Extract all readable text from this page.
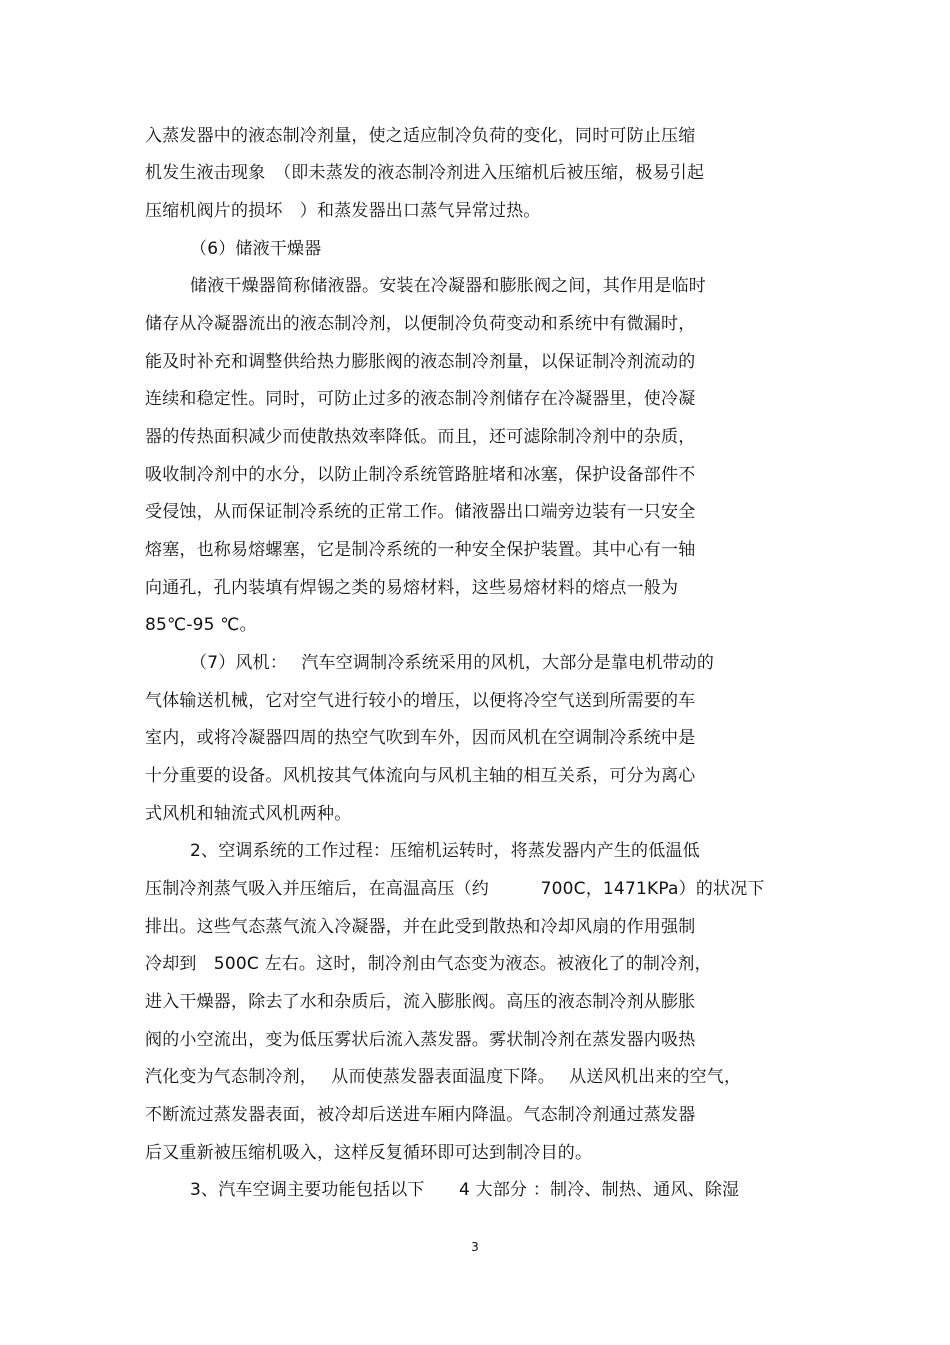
入蒸发器中的液态制冷剂量，使之适应制冷负荷的变化，同时可防止压缩
机发生液击现象　（即未蒸发的液态制冷剂进入压缩机后被压缩，极易引起
压缩机阀片的损坏　）和蒸发器出口蒸气异常过热。
（6）储液干燥器
储液干燥器简称储液器。安装在冷凝器和膨胀阀之间，其作用是临时
储存从冷凝器流出的液态制冷剂，以便制冷负荷变动和系统中有微漏时，
能及时补充和调整供给热力膨胀阀的液态制冷剂量，以保证制冷剂流动的
连续和稳定性。同时，可防止过多的液态制冷剂储存在冷凝器里，使冷凝
器的传热面积减少而使散热效率降低。而且，还可滤除制冷剂中的杂质，
吸收制冷剂中的水分，以防止制冷系统管路脏堵和冰塞，保护设备部件不
受侵蚀，从而保证制冷系统的正常工作。储液器出口端旁边装有一只安全
熔塞，也称易熔螺塞，它是制冷系统的一种安全保护装置。其中心有一轴
向通孔，孔内装填有焊锡之类的易熔材料，这些易熔材料的熔点一般为
85℃-95 ℃。
（7）风机：　 汽车空调制冷系统采用的风机，大部分是靠电机带动的
气体输送机械，它对空气进行较小的增压，以便将冷空气送到所需要的车
室内，或将冷凝器四周的热空气吹到车外，因而风机在空调制冷系统中是
十分重要的设备。风机按其气体流向与风机主轴的相互关系，可分为离心
式风机和轴流式风机两种。
2、空调系统的工作过程：压缩机运转时，将蒸发器内产生的低温低
压制冷剂蒸气吸入并压缩后，在高温高压（约　　　700C，1471KPa）的状况下
排出。这些气态蒸气流入冷凝器，并在此受到散热和冷却风扇的作用强制
冷却到　500C 左右。这时，制冷剂由气态变为液态。被液化了的制冷剂，
进入干燥器，除去了水和杂质后，流入膨胀阀。高压的液态制冷剂从膨胀
阀的小空流出，变为低压雾状后流入蒸发器。雾状制冷剂在蒸发器内吸热
汽化变为气态制冷剂，　 从而使蒸发器表面温度下降。　 从送风机出来的空气，
不断流过蒸发器表面，被冷却后送进车厢内降温。气态制冷剂通过蒸发器
后又重新被压缩机吸入，这样反复循环即可达到制冷目的。
3、汽车空调主要功能包括以下　　4 大部分 ：制冷、制热、通风、除湿
3
